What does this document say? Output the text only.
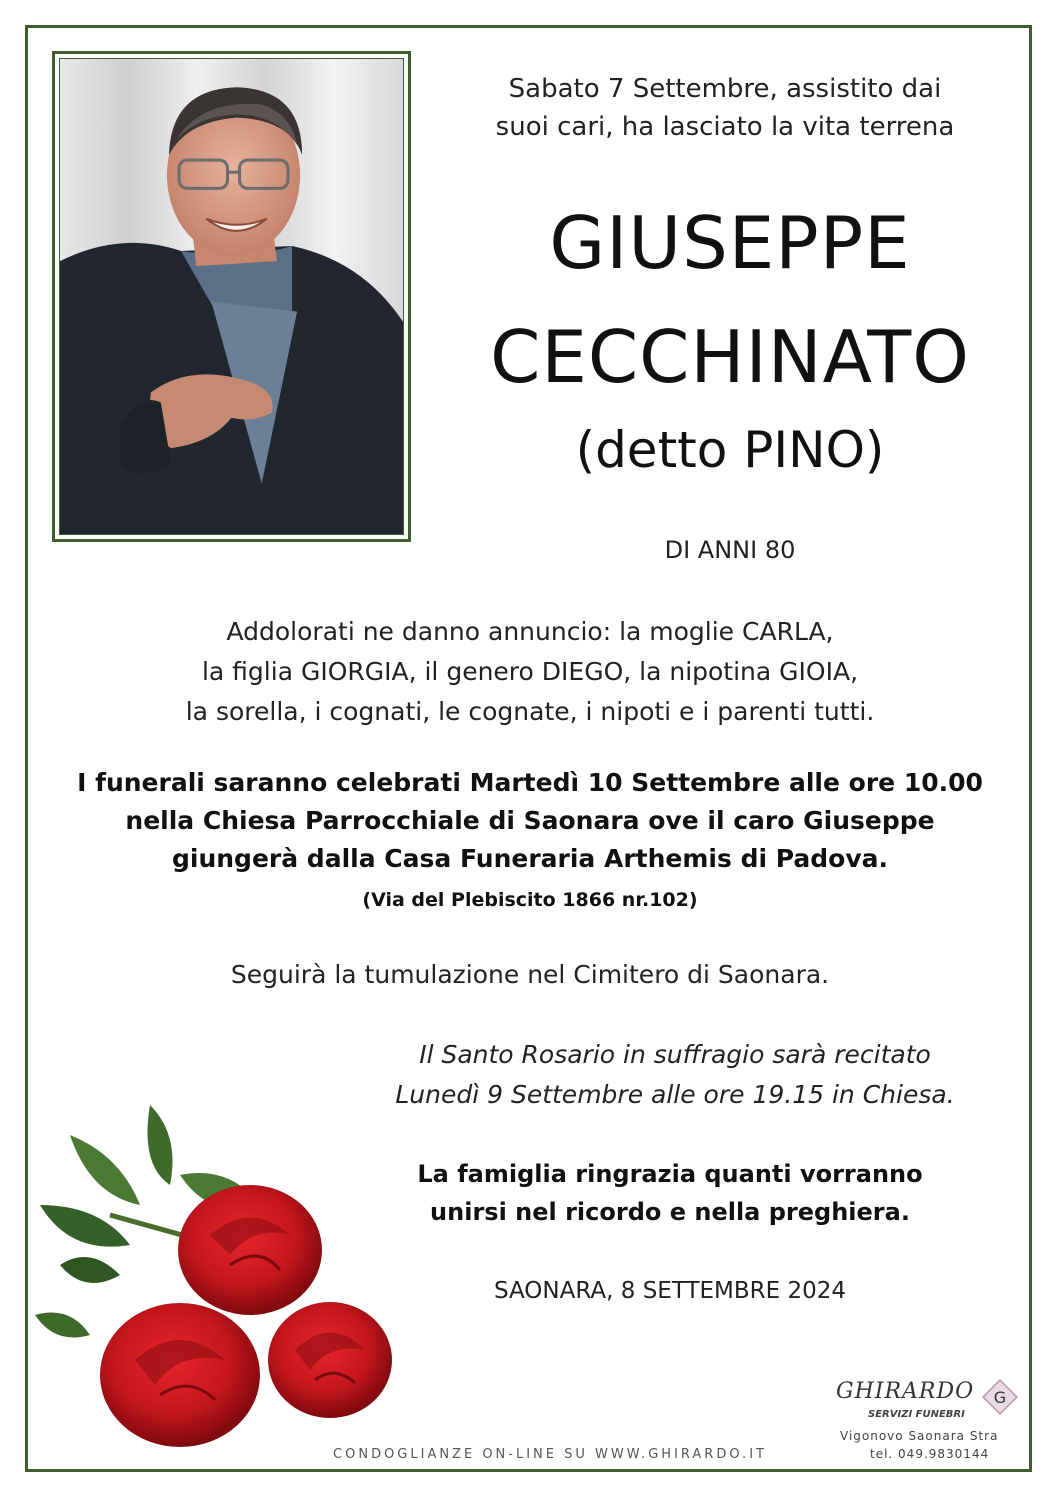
Sabato 7 Settembre, assistito dai
suoi cari, ha lasciato la vita terrena
GIUSEPPE
CECCHINATO
(detto PINO)
DI ANNI 80
Addolorati ne danno annuncio: la moglie CARLA,
la figlia GIORGIA, il genero DIEGO, la nipotina GIOIA,
la sorella, i cognati, le cognate, i nipoti e i parenti tutti.
I funerali saranno celebrati Martedì 10 Settembre alle ore 10.00
nella Chiesa Parrocchiale di Saonara ove il caro Giuseppe
giungerà dalla Casa Funeraria Arthemis di Padova.
(Via del Plebiscito 1866 nr.102)
Seguirà la tumulazione nel Cimitero di Saonara.
Il Santo Rosario in suffragio sarà recitato
Lunedì 9 Settembre alle ore 19.15 in Chiesa.
La famiglia ringrazia quanti vorranno
unirsi nel ricordo e nella preghiera.
SAONARA, 8 SETTEMBRE 2024
CONDOGLIANZE ON-LINE SU WWW.GHIRARDO.IT
GHIRARDO
SERVIZI FUNEBRI
G
Vigonovo Saonara Stra
tel. 049.9830144
